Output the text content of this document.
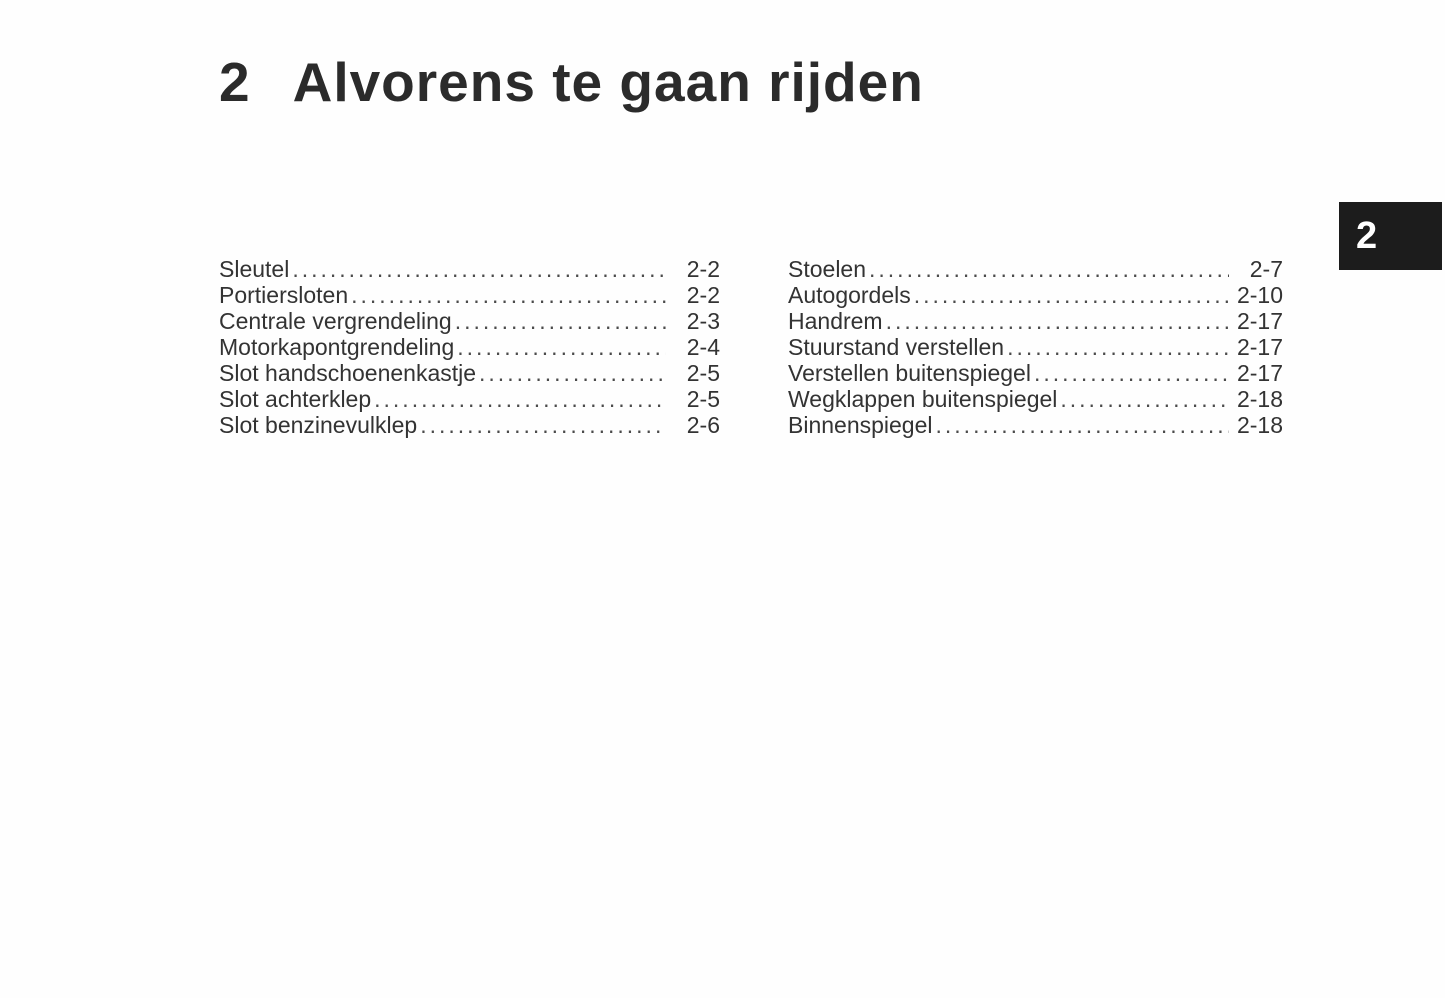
2 Alvorens te gaan rijden
2
Sleutel .....	2-2
Portiersloten .....	2-2
Centrale vergrendeling .....	2-3
Motorkapontgrendeling .....	2-4
Slot handschoenenkastje .....	2-5
Slot achterklep .....	2-5
Slot benzinevulklep .....	2-6
Stoelen .....	2-7
Autogordels .....	2-10
Handrem .....	2-17
Stuurstand verstellen .....	2-17
Verstellen buitenspiegel .....	2-17
Wegklappen buitenspiegel .....	2-18
Binnenspiegel .....	2-18
